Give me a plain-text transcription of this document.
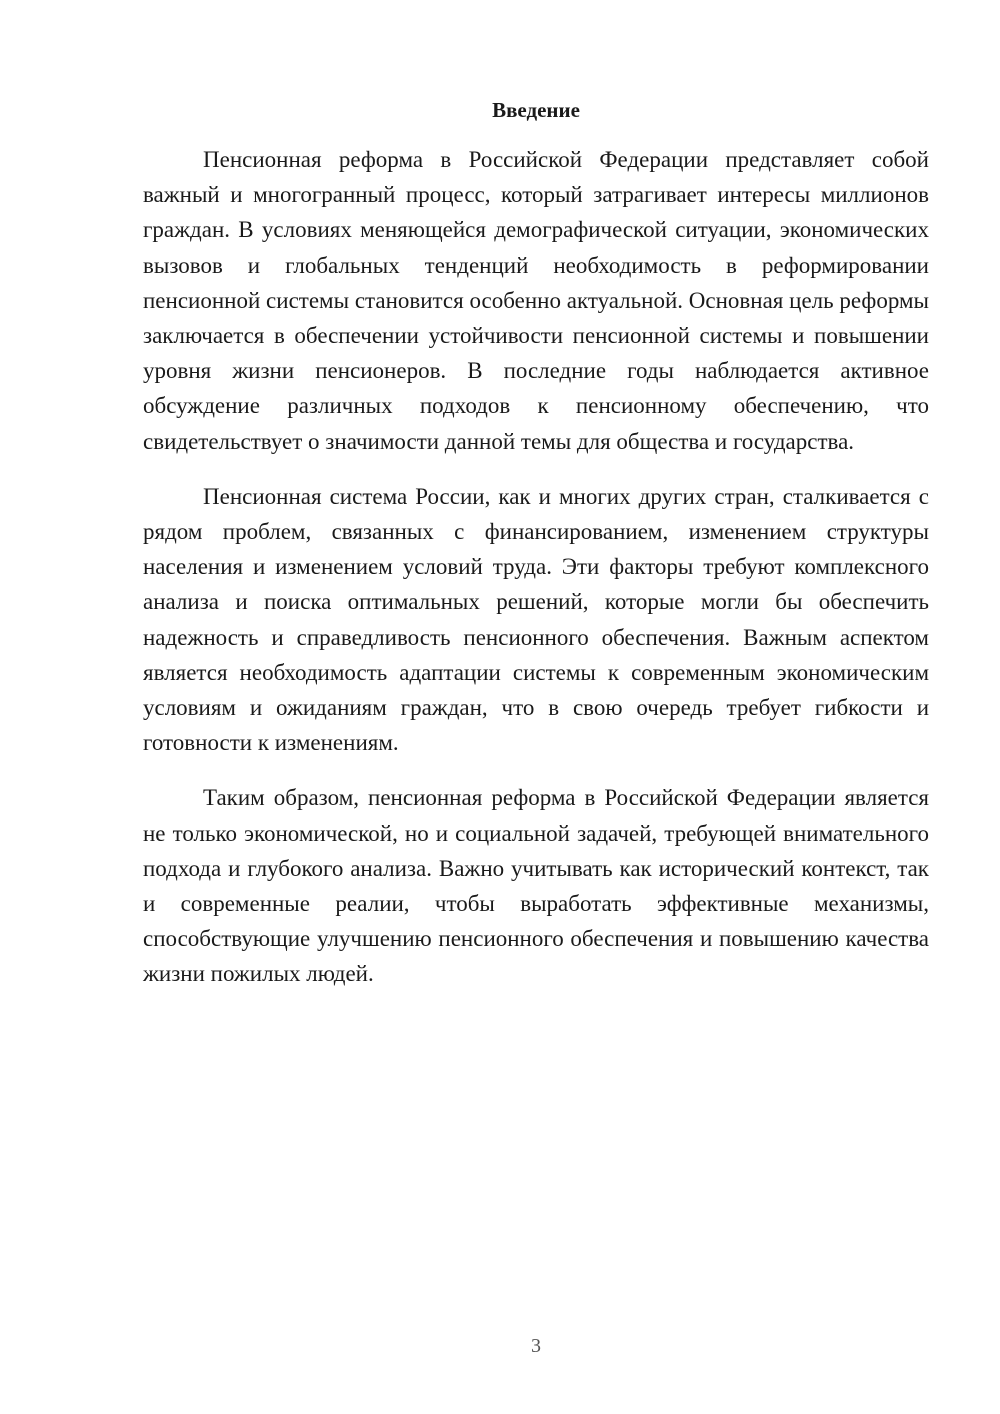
Введение

Пенсионная реформа в Российской Федерации представляет собой важный и многогранный процесс, который затрагивает интересы миллионов граждан. В условиях меняющейся демографической ситуации, экономических вызовов и глобальных тенденций необходимость в реформировании пенсионной системы становится особенно актуальной. Основная цель реформы заключается в обеспечении устойчивости пенсионной системы и повышении уровня жизни пенсионеров. В последние годы наблюдается активное обсуждение различных подходов к пенсионному обеспечению, что свидетельствует о значимости данной темы для общества и государства.

Пенсионная система России, как и многих других стран, сталкивается с рядом проблем, связанных с финансированием, изменением структуры населения и изменением условий труда. Эти факторы требуют комплексного анализа и поиска оптимальных решений, которые могли бы обеспечить надежность и справедливость пенсионного обеспечения. Важным аспектом является необходимость адаптации системы к современным экономическим условиям и ожиданиям граждан, что в свою очередь требует гибкости и готовности к изменениям.

Таким образом, пенсионная реформа в Российской Федерации является не только экономической, но и социальной задачей, требующей внимательного подхода и глубокого анализа. Важно учитывать как исторический контекст, так и современные реалии, чтобы выработать эффективные механизмы, способствующие улучшению пенсионного обеспечения и повышению качества жизни пожилых людей.

3
